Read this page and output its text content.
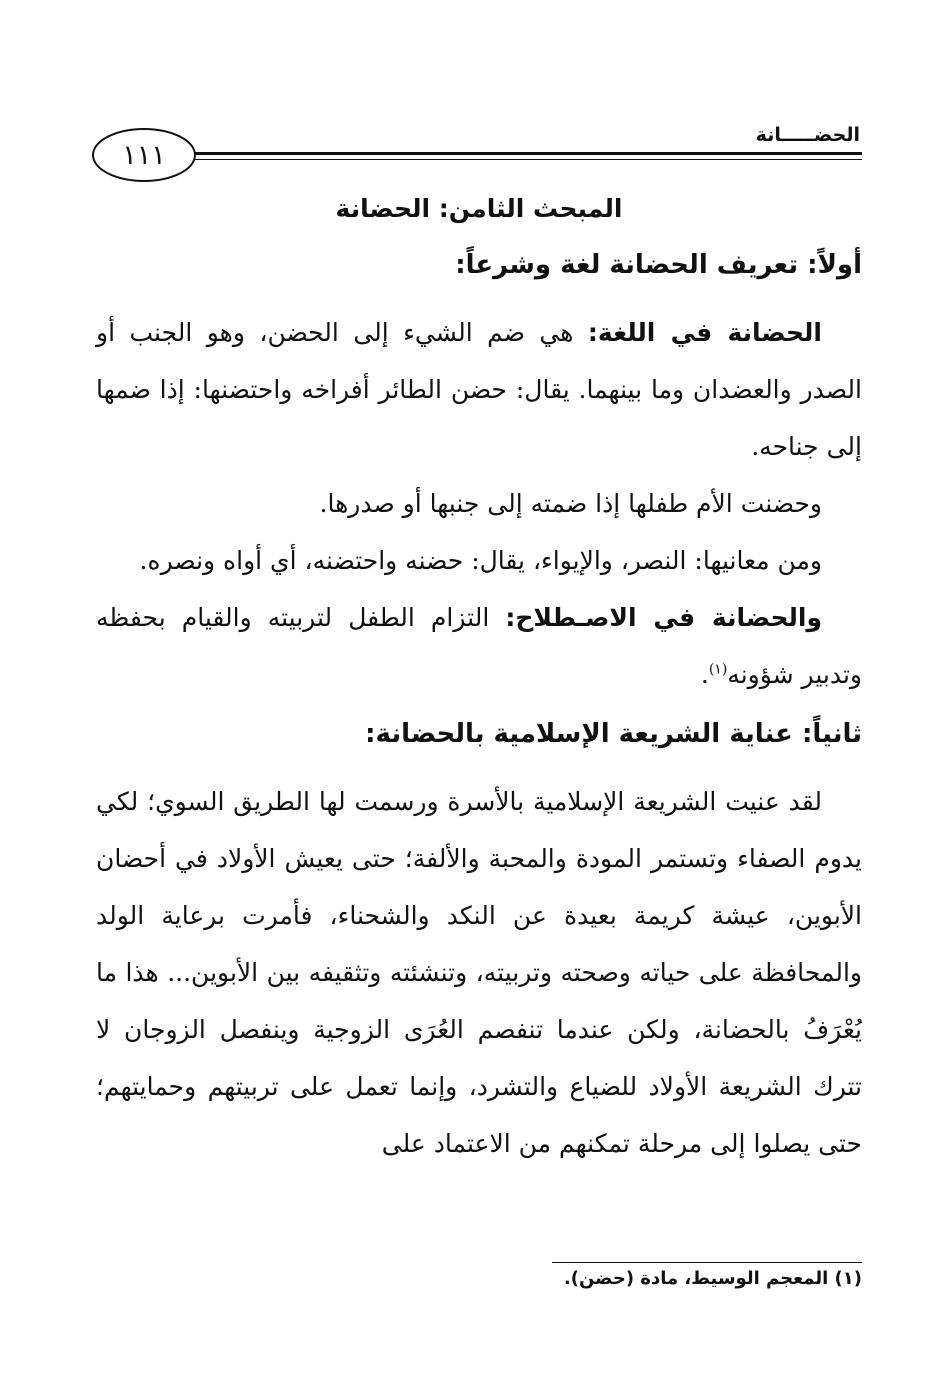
الحضـــــانة
١١١
المبحث الثامن: الحضانة
أولاً: تعريف الحضانة لغة وشرعاً:

الحضانة في اللغة: هي ضم الشيء إلى الحضن، وهو الجنب أو الصدر والعضدان وما بينهما. يقال: حضن الطائر أفراخه واحتضنها: إذا ضمها إلى جناحه.

وحضنت الأم طفلها إذا ضمته إلى جنبها أو صدرها.

ومن معانيها: النصر، والإيواء، يقال: حضنه واحتضنه، أي أواه ونصره.

والحضانة في الاصـطلاح: التزام الطفل لتربيته والقيام بحفظه وتدبير شؤونه$^{(١)}$.

ثانياً: عناية الشريعة الإسلامية بالحضانة:

لقد عنيت الشريعة الإسلامية بالأسرة ورسمت لها الطريق السوي؛ لكي يدوم الصفاء وتستمر المودة والمحبة والألفة؛ حتى يعيش الأولاد في أحضان الأبوين، عيشة كريمة بعيدة عن النكد والشحناء، فأمرت برعاية الولد والمحافظة على حياته وصحته وتربيته، وتنشئته وتثقيفه بين الأبوين... هذا ما يُعْرَفُ بالحضانة، ولكن عندما تنفصم العُرَى الزوجية وينفصل الزوجان لا تترك الشريعة الأولاد للضياع والتشرد، وإنما تعمل على تربيتهم وحمايتهم؛ حتى يصلوا إلى مرحلة تمكنهم من الاعتماد على

(١) المعجم الوسيط، مادة (حضن).
